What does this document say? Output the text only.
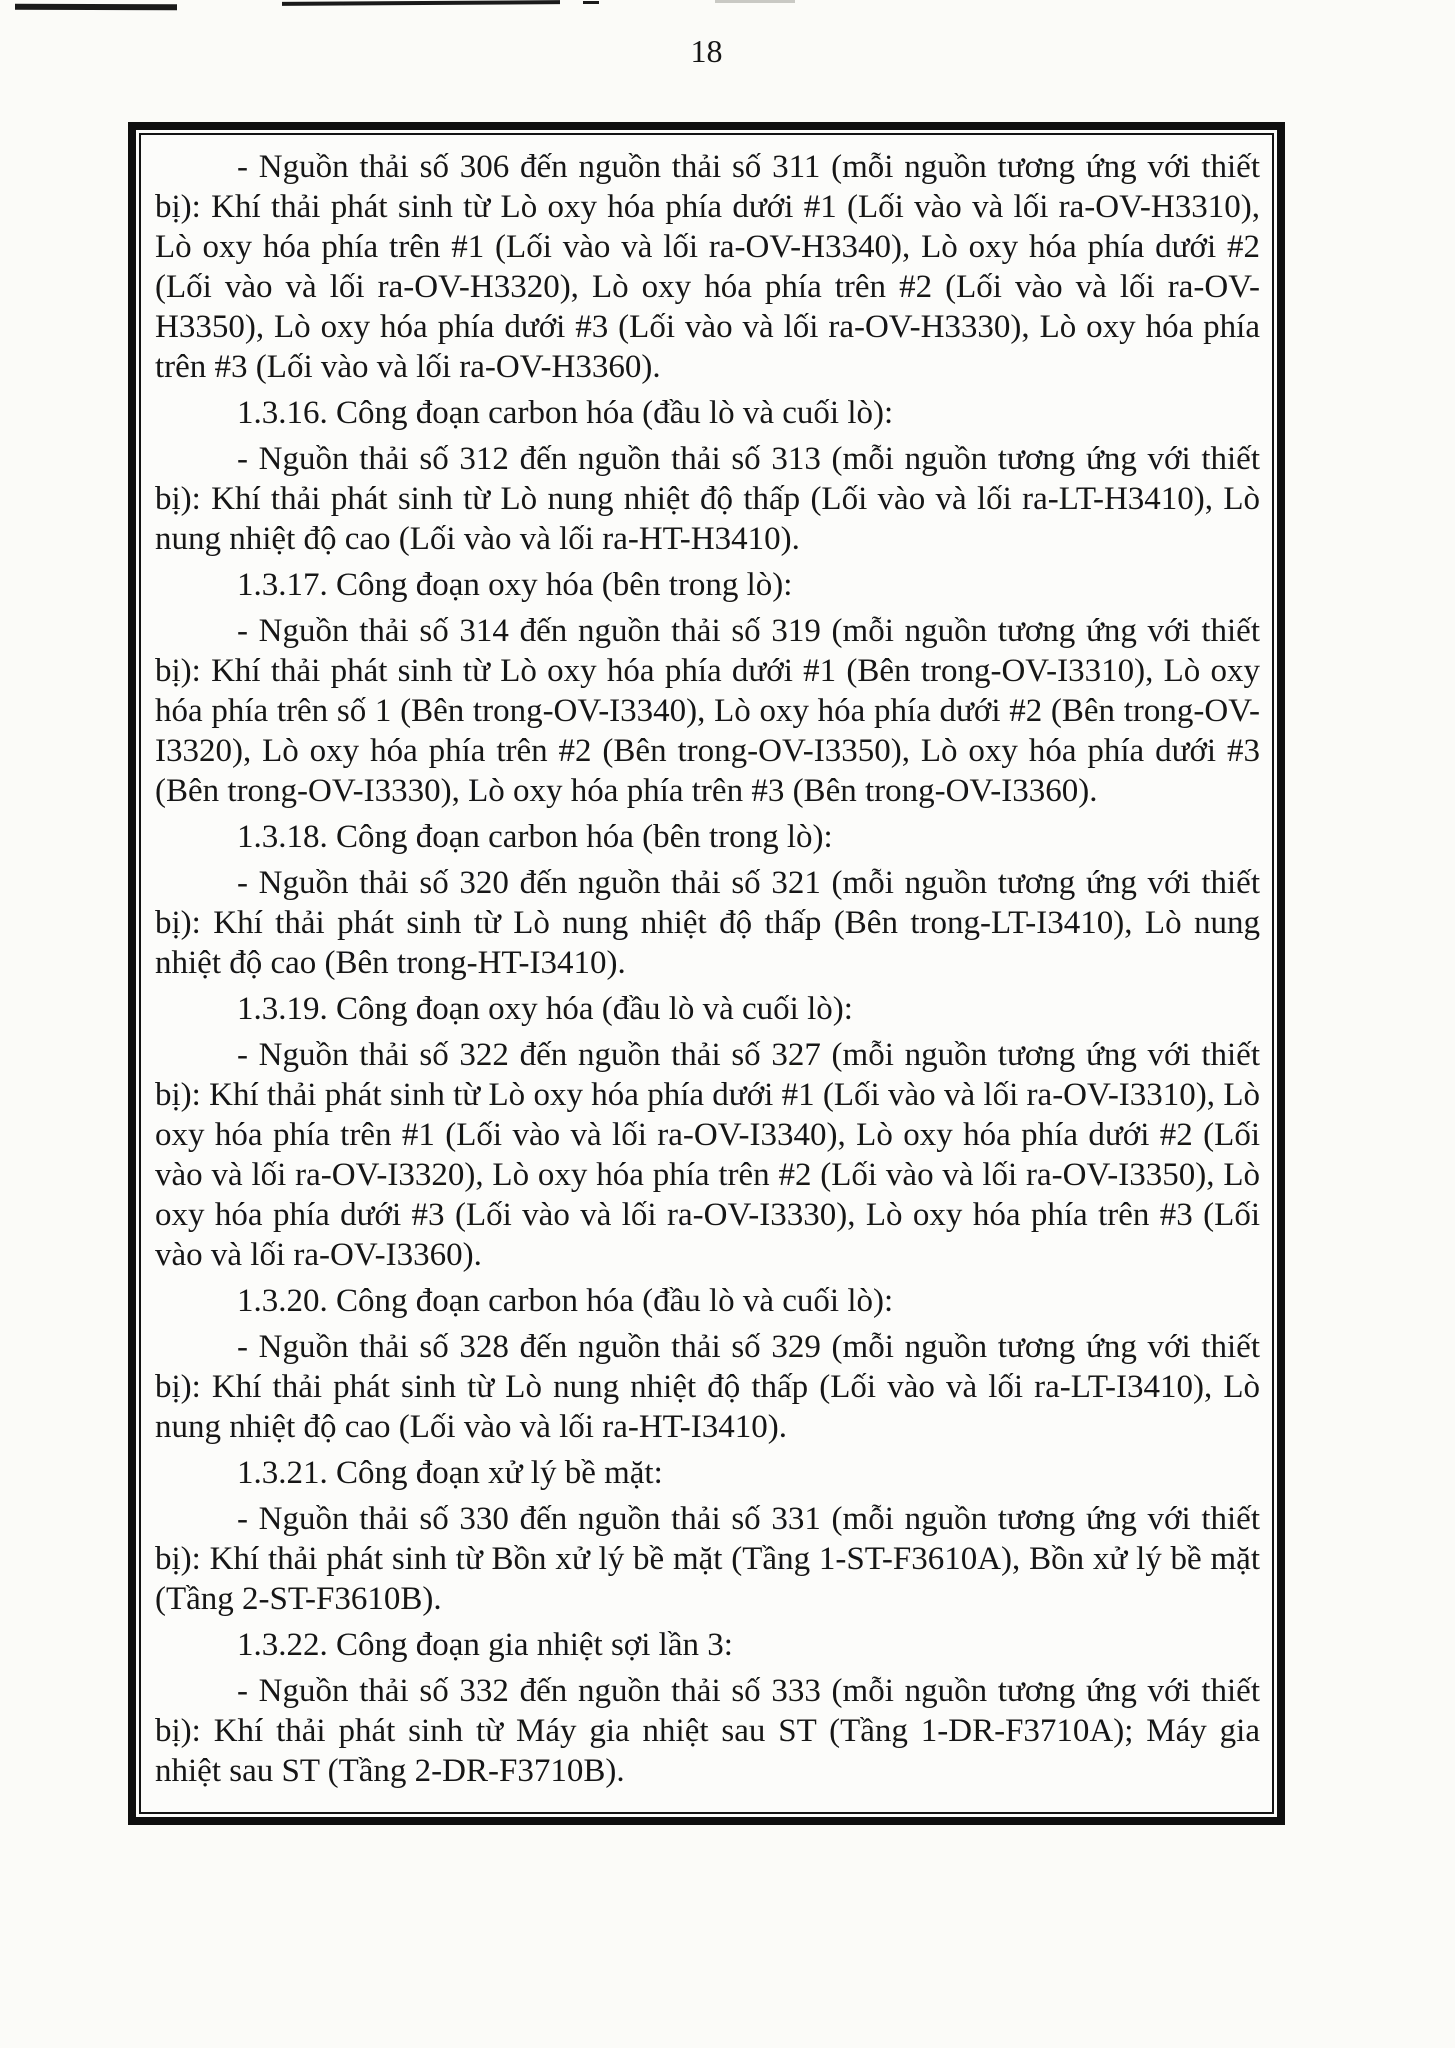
18

- Nguồn thải số 306 đến nguồn thải số 311 (mỗi nguồn tương ứng với thiết bị): Khí thải phát sinh từ Lò oxy hóa phía dưới #1 (Lối vào và lối ra-OV-H3310), Lò oxy hóa phía trên #1 (Lối vào và lối ra-OV-H3340), Lò oxy hóa phía dưới #2 (Lối vào và lối ra-OV-H3320), Lò oxy hóa phía trên #2 (Lối vào và lối ra-OV-H3350), Lò oxy hóa phía dưới #3 (Lối vào và lối ra-OV-H3330), Lò oxy hóa phía trên #3 (Lối vào và lối ra-OV-H3360).

1.3.16. Công đoạn carbon hóa (đầu lò và cuối lò):

- Nguồn thải số 312 đến nguồn thải số 313 (mỗi nguồn tương ứng với thiết bị): Khí thải phát sinh từ Lò nung nhiệt độ thấp (Lối vào và lối ra-LT-H3410), Lò nung nhiệt độ cao (Lối vào và lối ra-HT-H3410).

1.3.17. Công đoạn oxy hóa (bên trong lò):

- Nguồn thải số 314 đến nguồn thải số 319 (mỗi nguồn tương ứng với thiết bị): Khí thải phát sinh từ Lò oxy hóa phía dưới #1 (Bên trong-OV-I3310), Lò oxy hóa phía trên số 1 (Bên trong-OV-I3340), Lò oxy hóa phía dưới #2 (Bên trong-OV-I3320), Lò oxy hóa phía trên #2 (Bên trong-OV-I3350), Lò oxy hóa phía dưới #3 (Bên trong-OV-I3330), Lò oxy hóa phía trên #3 (Bên trong-OV-I3360).

1.3.18. Công đoạn carbon hóa (bên trong lò):

- Nguồn thải số 320 đến nguồn thải số 321 (mỗi nguồn tương ứng với thiết bị): Khí thải phát sinh từ Lò nung nhiệt độ thấp (Bên trong-LT-I3410), Lò nung nhiệt độ cao (Bên trong-HT-I3410).

1.3.19. Công đoạn oxy hóa (đầu lò và cuối lò):

- Nguồn thải số 322 đến nguồn thải số 327 (mỗi nguồn tương ứng với thiết bị): Khí thải phát sinh từ Lò oxy hóa phía dưới #1 (Lối vào và lối ra-OV-I3310), Lò oxy hóa phía trên #1 (Lối vào và lối ra-OV-I3340), Lò oxy hóa phía dưới #2 (Lối vào và lối ra-OV-I3320), Lò oxy hóa phía trên #2 (Lối vào và lối ra-OV-I3350), Lò oxy hóa phía dưới #3 (Lối vào và lối ra-OV-I3330), Lò oxy hóa phía trên #3 (Lối vào và lối ra-OV-I3360).

1.3.20. Công đoạn carbon hóa (đầu lò và cuối lò):

- Nguồn thải số 328 đến nguồn thải số 329 (mỗi nguồn tương ứng với thiết bị): Khí thải phát sinh từ Lò nung nhiệt độ thấp (Lối vào và lối ra-LT-I3410), Lò nung nhiệt độ cao (Lối vào và lối ra-HT-I3410).

1.3.21. Công đoạn xử lý bề mặt:

- Nguồn thải số 330 đến nguồn thải số 331 (mỗi nguồn tương ứng với thiết bị): Khí thải phát sinh từ Bồn xử lý bề mặt (Tầng 1-ST-F3610A), Bồn xử lý bề mặt (Tầng 2-ST-F3610B).

1.3.22. Công đoạn gia nhiệt sợi lần 3:

- Nguồn thải số 332 đến nguồn thải số 333 (mỗi nguồn tương ứng với thiết bị): Khí thải phát sinh từ Máy gia nhiệt sau ST (Tầng 1-DR-F3710A); Máy gia nhiệt sau ST (Tầng 2-DR-F3710B).
